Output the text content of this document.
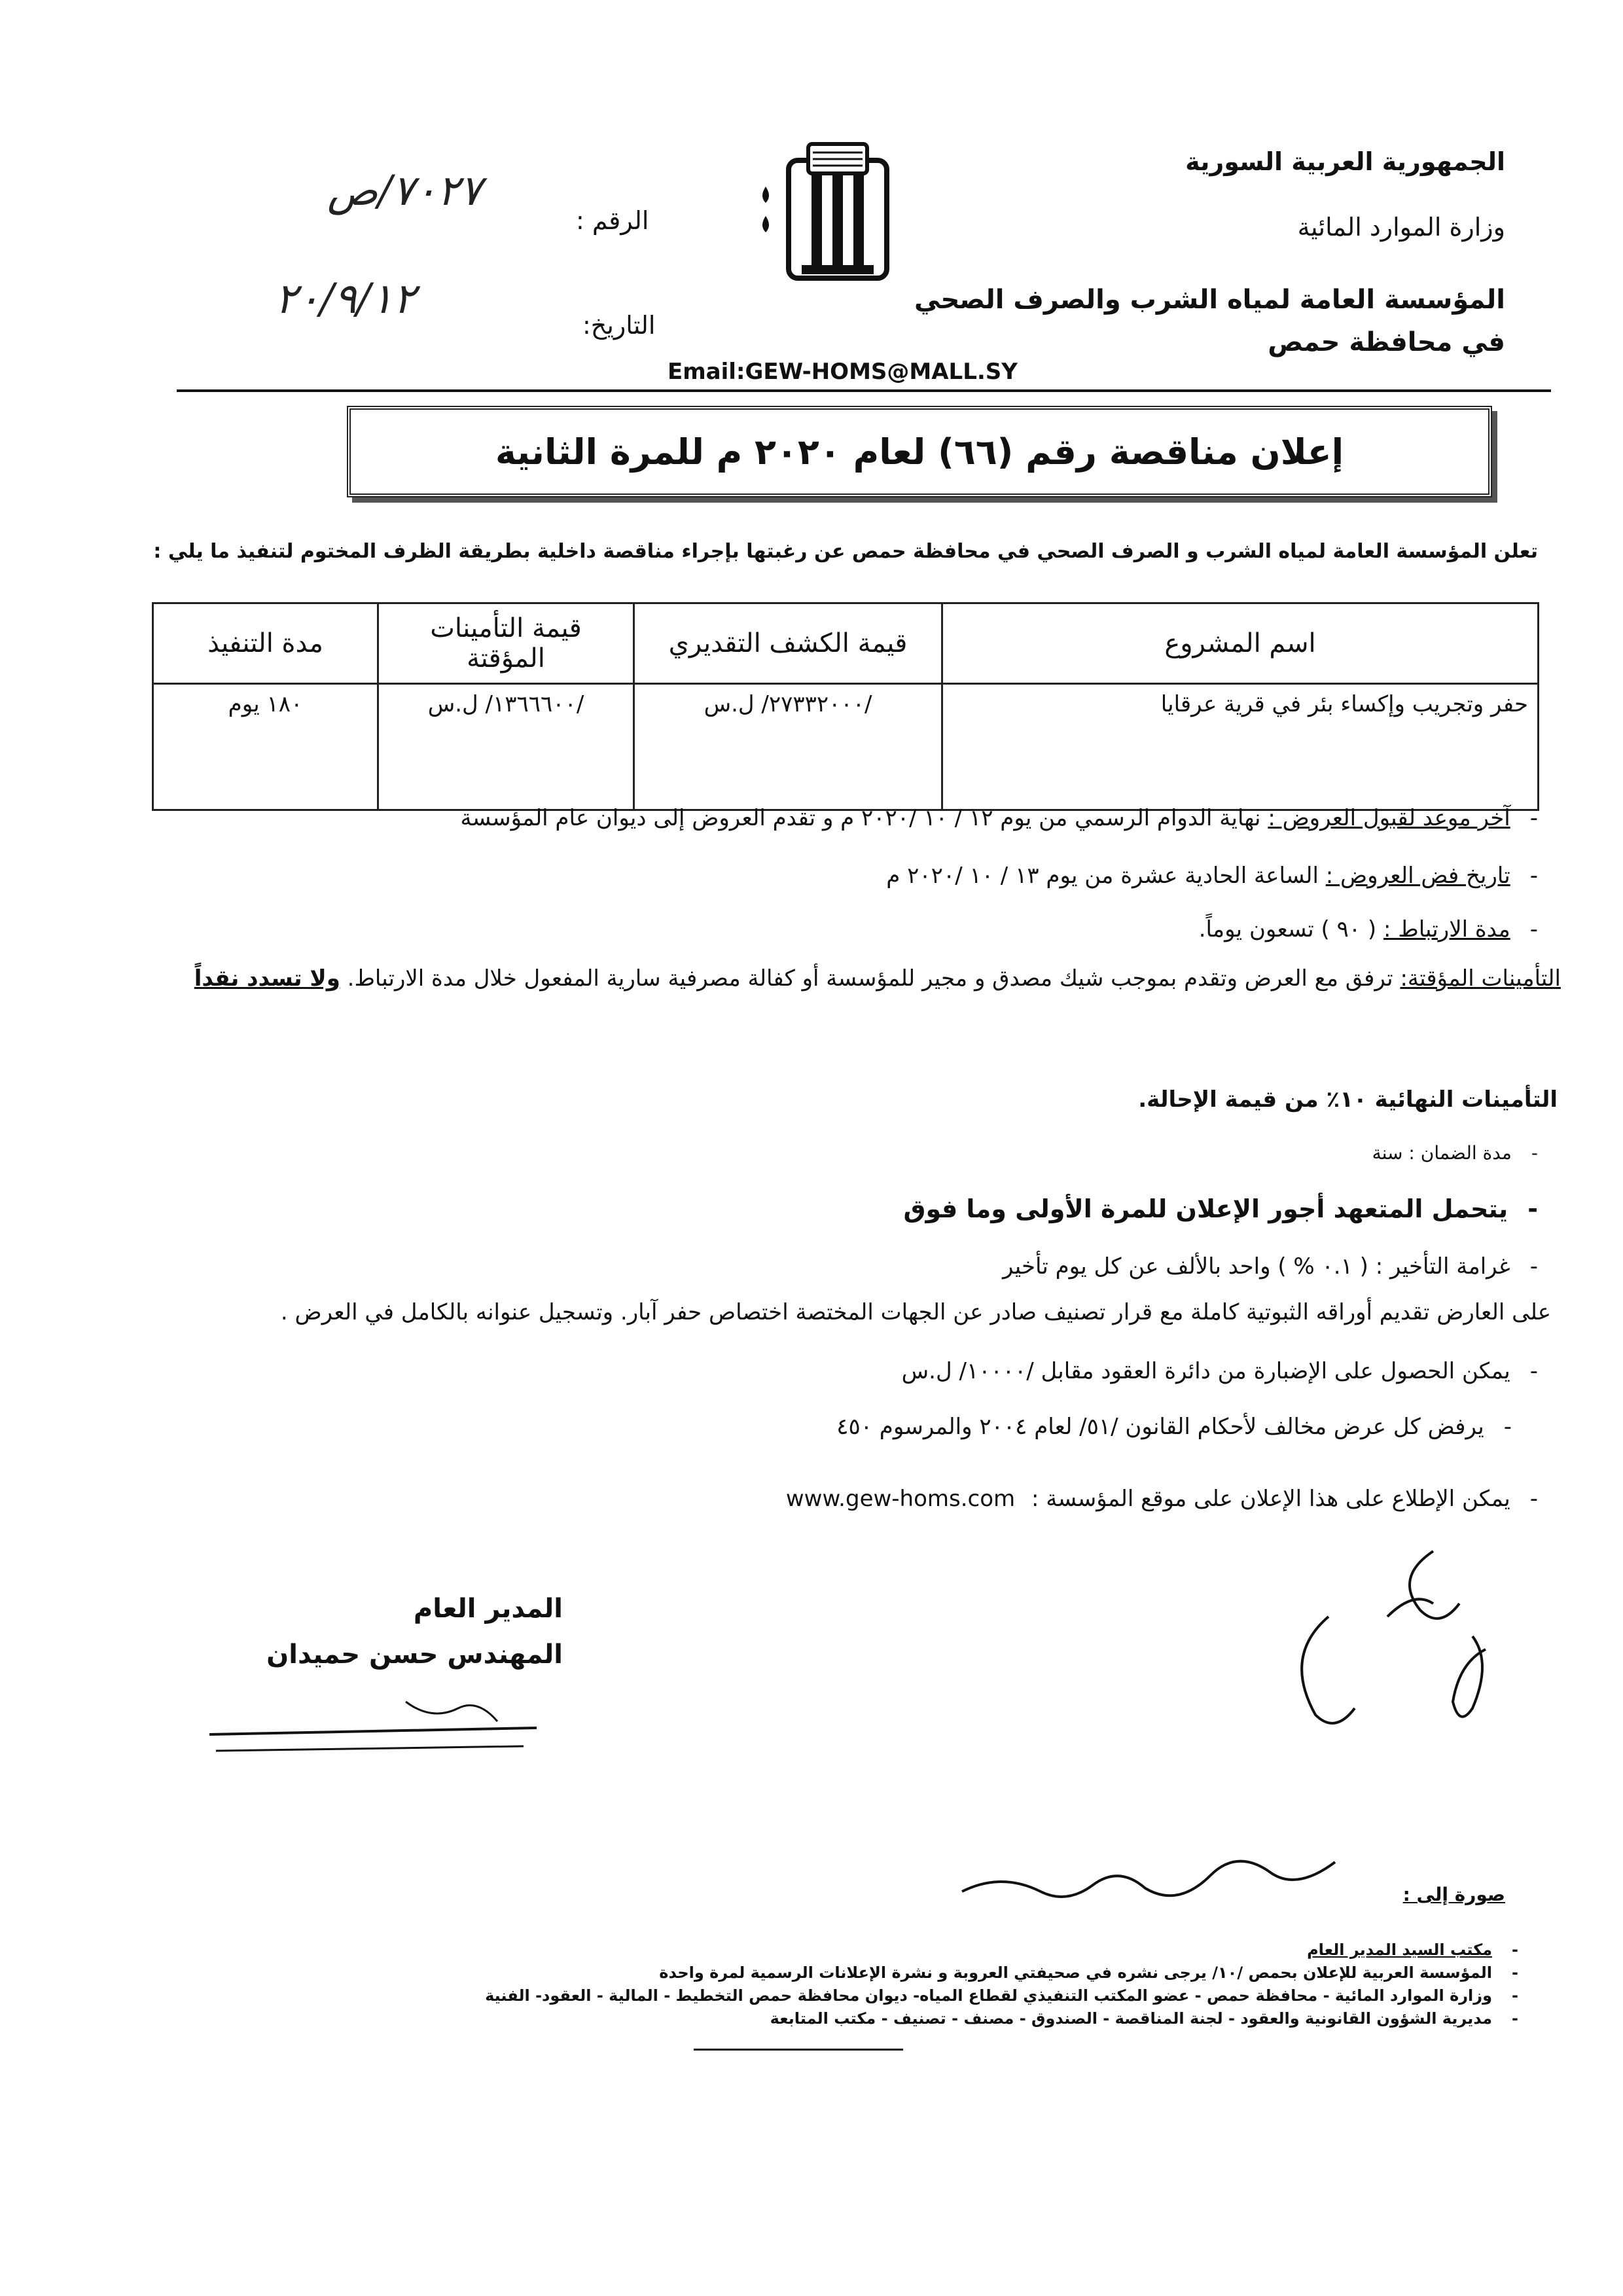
الجمهورية العربية السورية
وزارة الموارد المائية
المؤسسة العامة لمياه الشرب والصرف الصحي
في محافظة حمص
الرقم :
٧٠٢٧/ص
التاريخ:
٢٠/٩/١٢
Email:GEW-HOMS@MALL.SY
إعلان مناقصة رقم (٦٦) لعام ٢٠٢٠ م للمرة الثانية
تعلن المؤسسة العامة لمياه الشرب و الصرف الصحي في محافظة حمص عن رغبتها بإجراء مناقصة داخلية بطريقة الظرف المختوم لتنفيذ ما يلي :
اسم المشروع	قيمة الكشف التقديري	قيمة التأمينات المؤقتة	مدة التنفيذ
حفر وتجريب وإكساء بئر في قرية عرقايا	/٢٧٣٣٢٠٠٠/ ل.س	/١٣٦٦٦٠٠/ ل.س	١٨٠ يوم
-آخر موعد لقبول العروض : نهاية الدوام الرسمي من يوم ١٢ / ١٠ /٢٠٢٠ م و تقدم العروض إلى ديوان عام المؤسسة
-تاريخ فض العروض : الساعة الحادية عشرة من يوم ١٣ / ١٠ /٢٠٢٠ م
-مدة الارتباط : ( ٩٠ ) تسعون يوماً.
التأمينات المؤقتة: ترفق مع العرض وتقدم بموجب شيك مصدق و مجير للمؤسسة أو كفالة مصرفية سارية المفعول خلال مدة الارتباط. ولا تسدد نقداً
التأمينات النهائية ١٠٪ من قيمة الإحالة.
-مدة الضمان : سنة
-يتحمل المتعهد أجور الإعلان للمرة الأولى وما فوق
-غرامة التأخير : ( ٠.١ % ) واحد بالألف عن كل يوم تأخير
على العارض تقديم أوراقه الثبوتية كاملة مع قرار تصنيف صادر عن الجهات المختصة اختصاص حفر آبار. وتسجيل عنوانه بالكامل في العرض .
-يمكن الحصول على الإضبارة من دائرة العقود مقابل /١٠٠٠٠/ ل.س
-يرفض كل عرض مخالف لأحكام القانون /٥١/ لعام ٢٠٠٤ والمرسوم ٤٥٠
-يمكن الإطلاع على هذا الإعلان على موقع المؤسسة : www.gew-homs.com
المدير العام
المهندس حسن حميدان
صورة إلى :
-مكتب السيد المدير العام
-المؤسسة العربية للإعلان بحمص /١٠/ يرجى نشره في صحيفتي العروبة و نشرة الإعلانات الرسمية لمرة واحدة
-وزارة الموارد المائية - محافظة حمص - عضو المكتب التنفيذي لقطاع المياه- ديوان محافظة حمص التخطيط - المالية - العقود- الفنية
-مديرية الشؤون القانونية والعقود - لجنة المناقصة - الصندوق - مصنف - تصنيف - مكتب المتابعة
